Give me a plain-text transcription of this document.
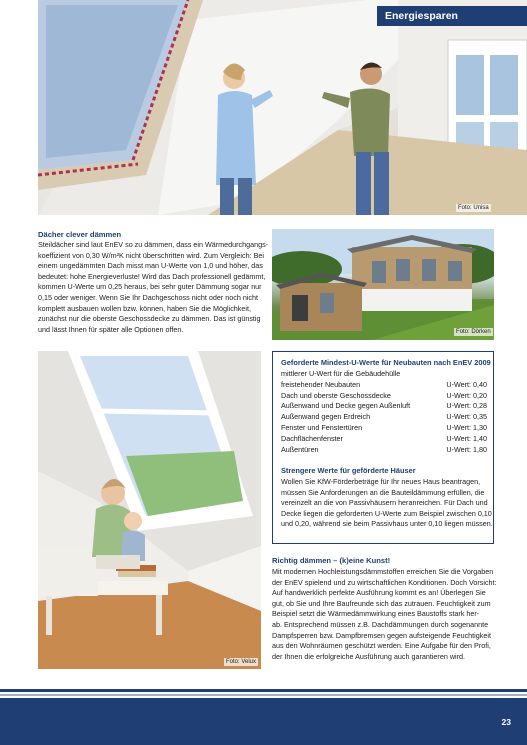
Energiesparen
Foto: Unisa
Dächer clever dämmen
Steildächer sind laut EnEV so zu dämmen, dass ein Wärmedurchgangs-
koeffizient von 0,30 W/m²K nicht überschritten wird. Zum Vergleich: Bei
einem ungedämmten Dach misst man U-Werte von 1,0 und höher, das
bedeutet: hohe Energieverluste! Wird das Dach professionell gedämmt,
kommen U-Werte um 0,25 heraus, bei sehr guter Dämmung sogar nur
0,15 oder weniger. Wenn Sie Ihr Dachgeschoss nicht oder noch nicht
komplett ausbauen wollen bzw. können, haben Sie die Möglichkeit,
zunächst nur die oberste Geschossdecke zu dämmen. Das ist günstig
und lässt Ihnen für später alle Optionen offen.	Foto: Dörken
Geforderte Mindest-U-Werte für Neubauten nach EnEV 2009
mittlerer U-Wert für die Gebäudehülle
freistehender Neubauten	U-Wert: 0,40
Dach und oberste Geschossdecke	U-Wert: 0,20
Außenwand und Decke gegen Außenluft	U-Wert: 0,28
Außenwand gegen Erdreich	U-Wert: 0,35
Fenster und Fenstertüren	U-Wert: 1,30
Dachflächenfenster	U-Wert: 1,40
Außentüren	U-Wert: 1,80
Strengere Werte für geförderte Häuser
Wollen Sie KfW-Förderbeträge für Ihr neues Haus beantragen,
müssen Sie Anforderungen an die Bauteildämmung erfüllen, die
vereinzelt an die von Passivhäusern heranreichen. Für Dach und
Decke liegen die geforderten U-Werte zum Beispiel zwischen 0,10
und 0,20, während sie beim Passivhaus unter 0,10 liegen müssen.
Richtig dämmen – (k)eine Kunst!
Mit modernen Hochleistungsdämmstoffen erreichen Sie die Vorgaben
der EnEV spielend und zu wirtschaftlichen Konditionen. Doch Vorsicht:
Auf handwerklich perfekte Ausführung kommt es an! Überlegen Sie
gut, ob Sie und Ihre Baufreunde sich das zutrauen. Feuchtigkeit zum
Beispiel setzt die Wärmedämmwirkung eines Baustoffs stark her-
ab. Entsprechend müssen z.B. Dachdämmungen durch sogenannte
Dampfsperren bzw. Dampfbremsen gegen aufsteigende Feuchtigkeit
aus den Wohnräumen geschützt werden. Eine Aufgabe für den Profi,
der Ihnen die erfolgreiche Ausführung auch garantieren wird.
Foto: Velux
23
